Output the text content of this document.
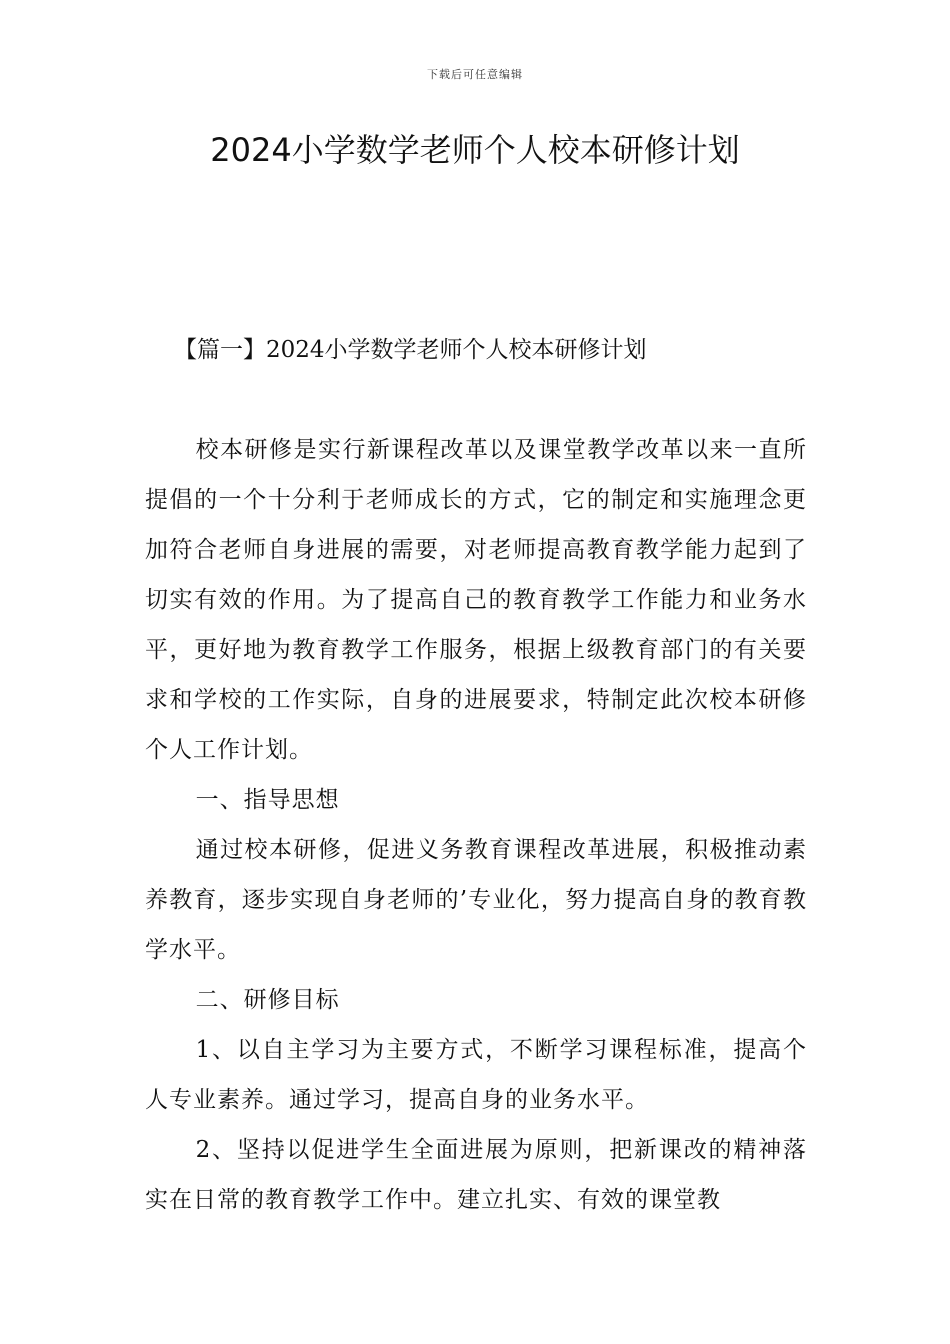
下载后可任意编辑
2024小学数学老师个人校本研修计划
【篇一】2024小学数学老师个人校本研修计划

校本研修是实行新课程改革以及课堂教学改革以来一直所提倡的一个十分利于老师成长的方式，它的制定和实施理念更加符合老师自身进展的需要，对老师提高教育教学能力起到了切实有效的作用。为了提高自己的教育教学工作能力和业务水平，更好地为教育教学工作服务，根据上级教育部门的有关要求和学校的工作实际，自身的进展要求，特制定此次校本研修个人工作计划。

一、指导思想

通过校本研修，促进义务教育课程改革进展，积极推动素养教育，逐步实现自身老师的’专业化，努力提高自身的教育教学水平。

二、研修目标

1、以自主学习为主要方式，不断学习课程标准，提高个人专业素养。通过学习，提高自身的业务水平。

2、坚持以促进学生全面进展为原则，把新课改的精神落实在日常的教育教学工作中。建立扎实、有效的课堂教
